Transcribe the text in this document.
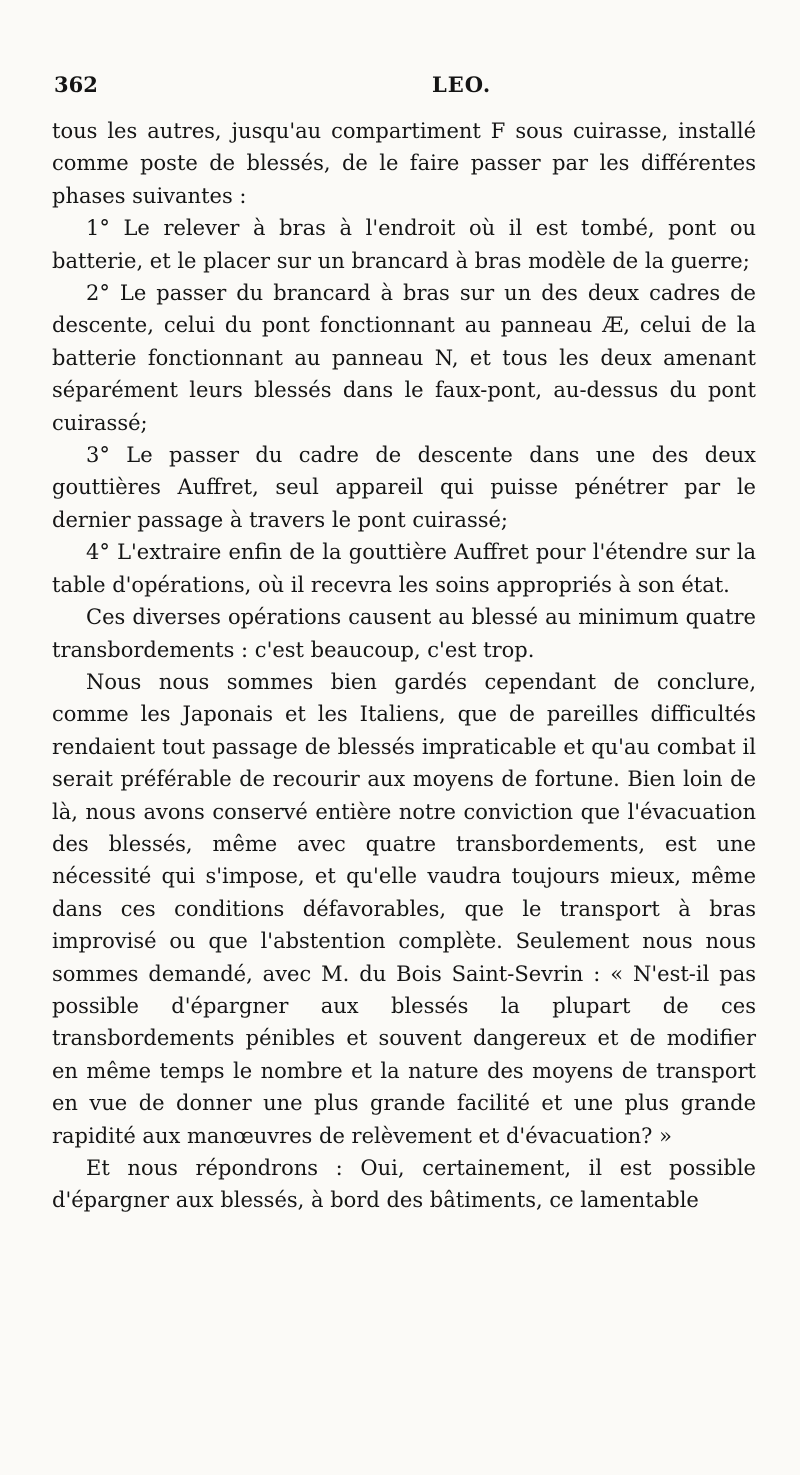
362	LEO.

tous les autres, jusqu'au compartiment F sous cuirasse, installé comme poste de blessés, de le faire passer par les différentes phases suivantes :

1° Le relever à bras à l'endroit où il est tombé, pont ou batterie, et le placer sur un brancard à bras modèle de la guerre;

2° Le passer du brancard à bras sur un des deux cadres de descente, celui du pont fonctionnant au panneau Æ, celui de la batterie fonctionnant au panneau N, et tous les deux amenant séparément leurs blessés dans le faux-pont, au-dessus du pont cuirassé;

3° Le passer du cadre de descente dans une des deux gouttières Auffret, seul appareil qui puisse pénétrer par le dernier passage à travers le pont cuirassé;

4° L'extraire enfin de la gouttière Auffret pour l'étendre sur la table d'opérations, où il recevra les soins appropriés à son état.

Ces diverses opérations causent au blessé au minimum quatre transbordements : c'est beaucoup, c'est trop.

Nous nous sommes bien gardés cependant de conclure, comme les Japonais et les Italiens, que de pareilles difficultés rendaient tout passage de blessés impraticable et qu'au combat il serait préférable de recourir aux moyens de fortune. Bien loin de là, nous avons conservé entière notre conviction que l'évacuation des blessés, même avec quatre transbordements, est une nécessité qui s'impose, et qu'elle vaudra toujours mieux, même dans ces conditions défavorables, que le transport à bras improvisé ou que l'abstention complète. Seulement nous nous sommes demandé, avec M. du Bois Saint-Sevrin : « N'est-il pas possible d'épargner aux blessés la plupart de ces transbordements pénibles et souvent dangereux et de modifier en même temps le nombre et la nature des moyens de transport en vue de donner une plus grande facilité et une plus grande rapidité aux manœuvres de relèvement et d'évacuation? »

Et nous répondrons : Oui, certainement, il est possible d'épargner aux blessés, à bord des bâtiments, ce lamentable
